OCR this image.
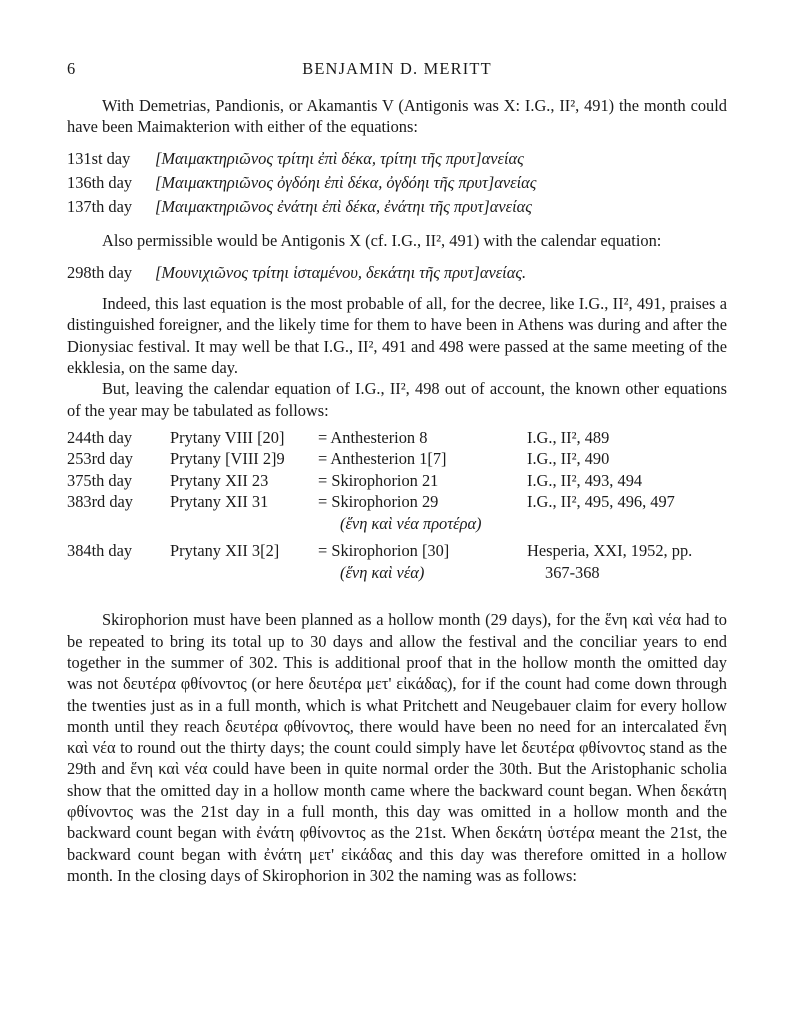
6	BENJAMIN D. MERITT

With Demetrias, Pandionis, or Akamantis V (Antigonis was X: I.G., II², 491) the month could have been Maimakterion with either of the equations:

131st day [Μαιμακτηριῶνος τρίτηι ἐπὶ δέκα, τρίτηι τῆς πρυτ]ανείας
136th day [Μαιμακτηριῶνος ὀγδόηι ἐπὶ δέκα, ὀγδόηι τῆς πρυτ]ανείας
137th day [Μαιμακτηριῶνος ἐνάτηι ἐπὶ δέκα, ἐνάτηι τῆς πρυτ]ανείας

Also permissible would be Antigonis X (cf. I.G., II², 491) with the calendar equation:

298th day [Μουνιχιῶνος τρίτηι ἱσταμένου, δεκάτηι τῆς πρυτ]ανείας.

Indeed, this last equation is the most probable of all, for the decree, like I.G., II², 491, praises a distinguished foreigner, and the likely time for them to have been in Athens was during and after the Dionysiac festival. It may well be that I.G., II², 491 and 498 were passed at the same meeting of the ekklesia, on the same day.

But, leaving the calendar equation of I.G., II², 498 out of account, the known other equations of the year may be tabulated as follows:

244th day	Prytany VIII [20]	= Anthesterion 8	I.G., II², 489
253rd day	Prytany [VIII 2]9	= Anthesterion 1[7]	I.G., II², 490
375th day	Prytany XII 23	= Skirophorion 21	I.G., II², 493, 494
383rd day	Prytany XII 31	= Skirophorion 29	I.G., II², 495, 496, 497
		(ἕνη καὶ νέα προτέρα)	
384th day	Prytany XII 3[2]	= Skirophorion [30]	Hesperia, XXI, 1952, pp.
		(ἕνη καὶ νέα)	367-368

Skirophorion must have been planned as a hollow month (29 days), for the ἕνη καὶ νέα had to be repeated to bring its total up to 30 days and allow the festival and the conciliar years to end together in the summer of 302. This is additional proof that in the hollow month the omitted day was not δευτέρα φθίνοντος (or here δευτέρα μετ' εἰκάδας), for if the count had come down through the twenties just as in a full month, which is what Pritchett and Neugebauer claim for every hollow month until they reach δευτέρα φθίνοντος, there would have been no need for an intercalated ἕνη καὶ νέα to round out the thirty days; the count could simply have let δευτέρα φθίνοντος stand as the 29th and ἕνη καὶ νέα could have been in quite normal order the 30th. But the Aristophanic scholia show that the omitted day in a hollow month came where the backward count began. When δεκάτη φθίνοντος was the 21st day in a full month, this day was omitted in a hollow month and the backward count began with ἐνάτη φθίνοντος as the 21st. When δεκάτη ὑστέρα meant the 21st, the backward count began with ἐνάτη μετ' εἰκάδας and this day was therefore omitted in a hollow month. In the closing days of Skirophorion in 302 the naming was as follows:
